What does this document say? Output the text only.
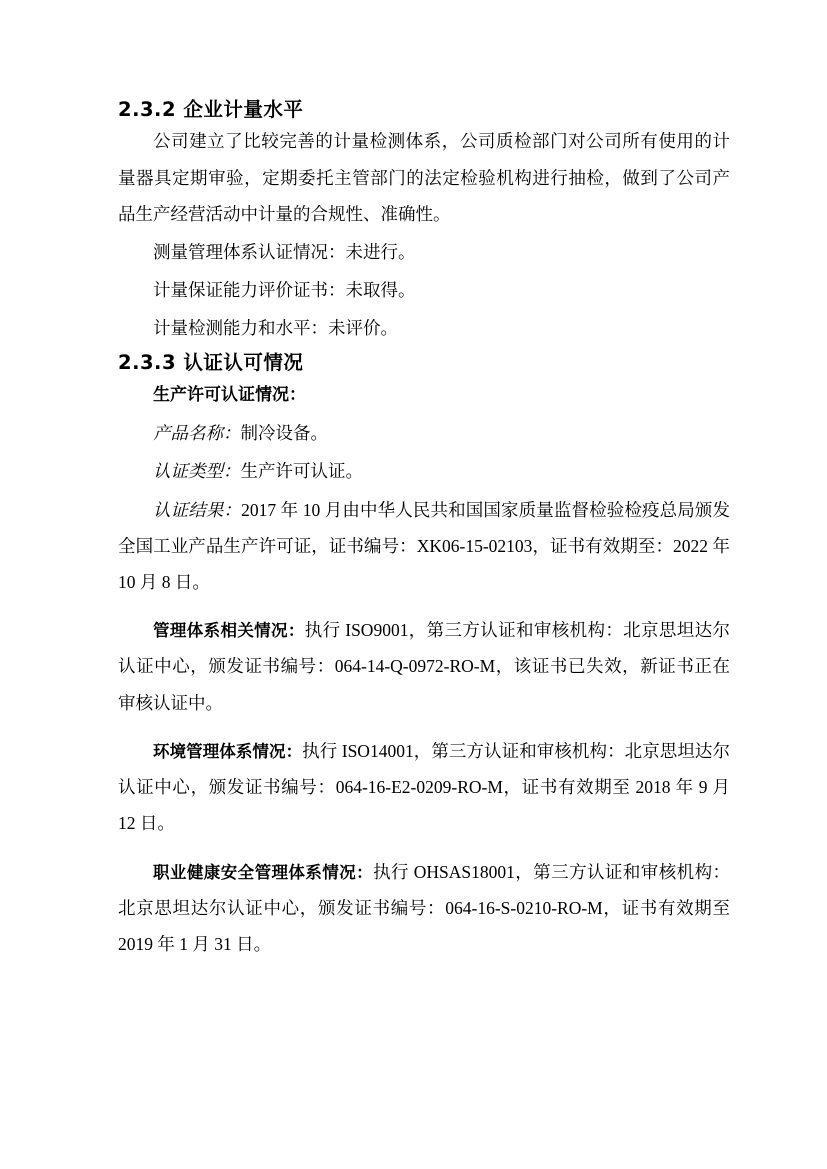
2.3.2 企业计量水平

公司建立了比较完善的计量检测体系，公司质检部门对公司所有使用的计量器具定期审验，定期委托主管部门的法定检验机构进行抽检，做到了公司产品生产经营活动中计量的合规性、准确性。

测量管理体系认证情况：未进行。

计量保证能力评价证书：未取得。

计量检测能力和水平：未评价。

2.3.3 认证认可情况

生产许可认证情况：

产品名称：制冷设备。

认证类型：生产许可认证。

认证结果：2017 年 10 月由中华人民共和国国家质量监督检验检疫总局颁发全国工业产品生产许可证，证书编号：XK06-15-02103，证书有效期至：2022 年 10 月 8 日。

管理体系相关情况：执行 ISO9001，第三方认证和审核机构：北京思坦达尔认证中心，颁发证书编号：064-14-Q-0972-RO-M，该证书已失效，新证书正在审核认证中。

环境管理体系情况：执行 ISO14001，第三方认证和审核机构：北京思坦达尔认证中心，颁发证书编号：064-16-E2-0209-RO-M，证书有效期至 2018 年 9 月 12 日。

职业健康安全管理体系情况：执行 OHSAS18001，第三方认证和审核机构：北京思坦达尔认证中心，颁发证书编号：064-16-S-0210-RO-M，证书有效期至 2019 年 1 月 31 日。
